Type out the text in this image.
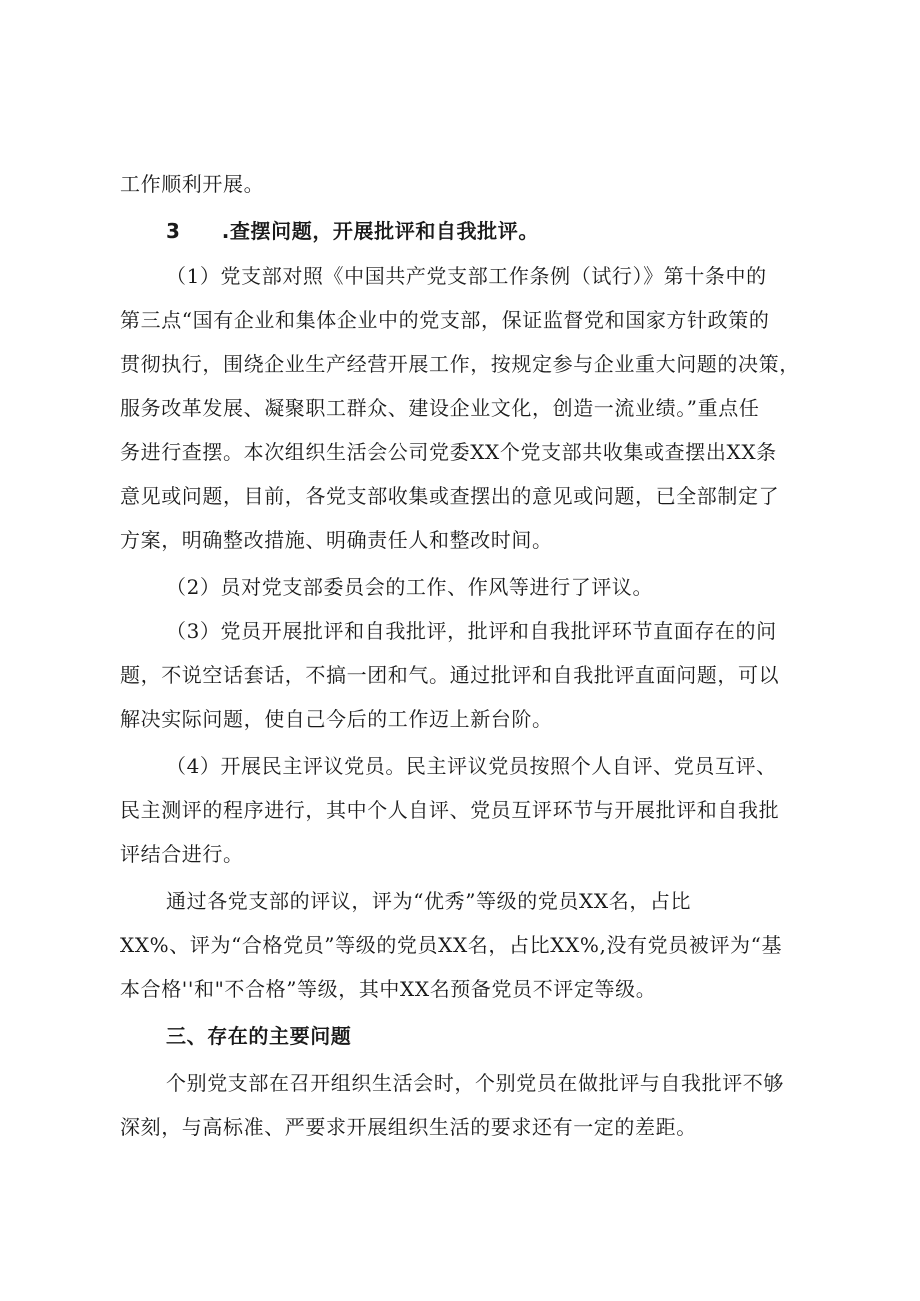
工作顺利开展。
3　　.查摆问题，开展批评和自我批评。
（1）党支部对照《中国共产党支部工作条例（试行）》第十条中的
第三点“国有企业和集体企业中的党支部，保证监督党和国家方针政策的
贯彻执行，围绕企业生产经营开展工作，按规定参与企业重大问题的决策，
服务改革发展、凝聚职工群众、建设企业文化，创造一流业绩。”重点任
务进行查摆。本次组织生活会公司党委XX个党支部共收集或查摆出XX条
意见或问题，目前，各党支部收集或查摆出的意见或问题，已全部制定了
方案，明确整改措施、明确责任人和整改时间。
（2）员对党支部委员会的工作、作风等进行了评议。
（3）党员开展批评和自我批评，批评和自我批评环节直面存在的问
题，不说空话套话，不搞一团和气。通过批评和自我批评直面问题，可以
解决实际问题，使自己今后的工作迈上新台阶。
（4）开展民主评议党员。民主评议党员按照个人自评、党员互评、
民主测评的程序进行，其中个人自评、党员互评环节与开展批评和自我批
评结合进行。
通过各党支部的评议，评为“优秀”等级的党员XX名，占比
XX%、评为“合格党员”等级的党员XX名，占比XX%,没有党员被评为“基
本合格''和"不合格”等级，其中XX名预备党员不评定等级。
三、存在的主要问题
个别党支部在召开组织生活会时，个别党员在做批评与自我批评不够
深刻，与高标准、严要求开展组织生活的要求还有一定的差距。
